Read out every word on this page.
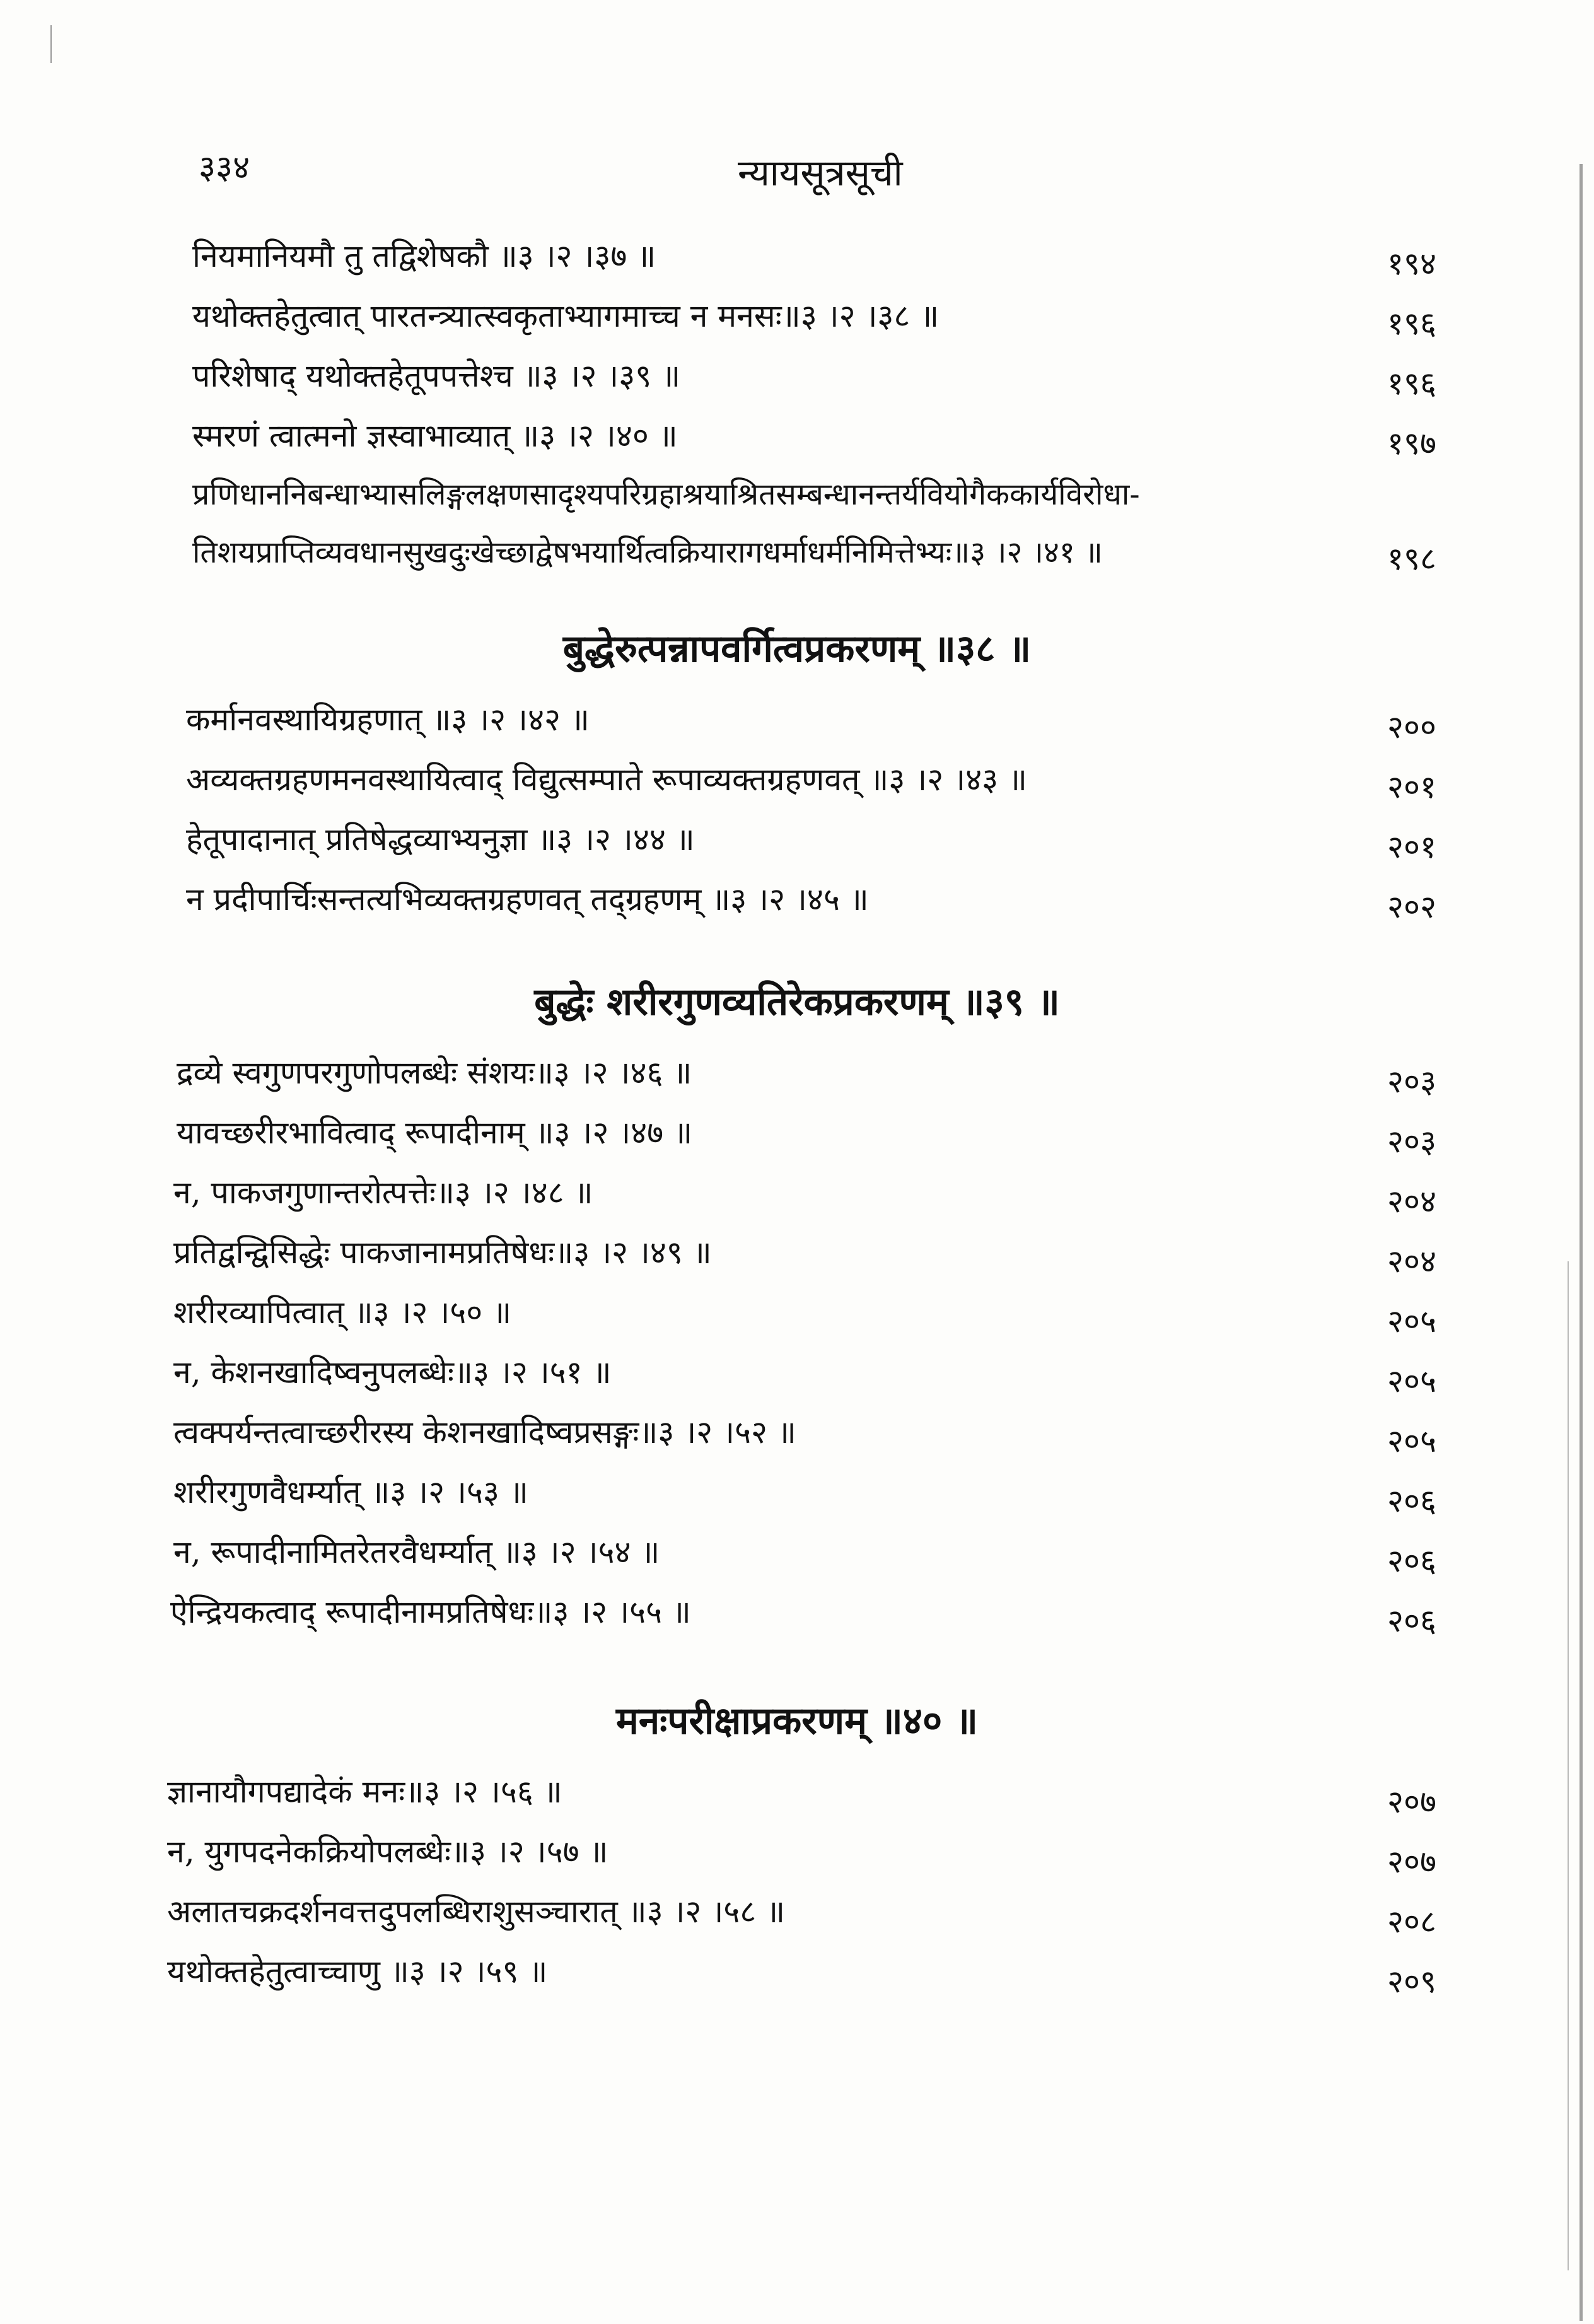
३३४	न्यायसूत्रसूची
नियमानियमौ तु तद्विशेषकौ ॥३ ।२ ।३७ ॥	१९४
यथोक्तहेतुत्वात् पारतन्त्र्यात्स्वकृताभ्यागमाच्च न मनसः॥३ ।२ ।३८ ॥	१९६
परिशेषाद् यथोक्तहेतूपपत्तेश्च ॥३ ।२ ।३९ ॥	१९६
स्मरणं त्वात्मनो ज्ञस्वाभाव्यात् ॥३ ।२ ।४० ॥	१९७
प्रणिधाननिबन्धाभ्यासलिङ्गलक्षणसादृश्यपरिग्रहाश्रयाश्रितसम्बन्धानन्तर्यवियोगैककार्यविरोधा-
तिशयप्राप्तिव्यवधानसुखदुःखेच्छाद्वेषभयार्थित्वक्रियारागधर्माधर्मनिमित्तेभ्यः॥३ ।२ ।४१ ॥	१९८
बुद्धेरुत्पन्नापवर्गित्वप्रकरणम् ॥३८ ॥
कर्मानवस्थायिग्रहणात् ॥३ ।२ ।४२ ॥	२००
अव्यक्तग्रहणमनवस्थायित्वाद् विद्युत्सम्पाते रूपाव्यक्तग्रहणवत् ॥३ ।२ ।४३ ॥	२०१
हेतूपादानात् प्रतिषेद्धव्याभ्यनुज्ञा ॥३ ।२ ।४४ ॥	२०१
न प्रदीपार्चिःसन्तत्यभिव्यक्तग्रहणवत् तद्ग्रहणम् ॥३ ।२ ।४५ ॥	२०२
बुद्धेः शरीरगुणव्यतिरेकप्रकरणम् ॥३९ ॥
द्रव्ये स्वगुणपरगुणोपलब्धेः संशयः॥३ ।२ ।४६ ॥	२०३
यावच्छरीरभावित्वाद् रूपादीनाम् ॥३ ।२ ।४७ ॥	२०३
न, पाकजगुणान्तरोत्पत्तेः॥३ ।२ ।४८ ॥	२०४
प्रतिद्वन्द्विसिद्धेः पाकजानामप्रतिषेधः॥३ ।२ ।४९ ॥	२०४
शरीरव्यापित्वात् ॥३ ।२ ।५० ॥	२०५
न, केशनखादिष्वनुपलब्धेः॥३ ।२ ।५१ ॥	२०५
त्वक्पर्यन्तत्वाच्छरीरस्य केशनखादिष्वप्रसङ्गः॥३ ।२ ।५२ ॥	२०५
शरीरगुणवैधर्म्यात् ॥३ ।२ ।५३ ॥	२०६
न, रूपादीनामितरेतरवैधर्म्यात् ॥३ ।२ ।५४ ॥	२०६
ऐन्द्रियकत्वाद् रूपादीनामप्रतिषेधः॥३ ।२ ।५५ ॥	२०६
मनःपरीक्षाप्रकरणम् ॥४० ॥
ज्ञानायौगपद्यादेकं मनः॥३ ।२ ।५६ ॥	२०७
न, युगपदनेकक्रियोपलब्धेः॥३ ।२ ।५७ ॥	२०७
अलातचक्रदर्शनवत्तदुपलब्धिराशुसञ्चारात् ॥३ ।२ ।५८ ॥	२०८
यथोक्तहेतुत्वाच्चाणु ॥३ ।२ ।५९ ॥	२०९
